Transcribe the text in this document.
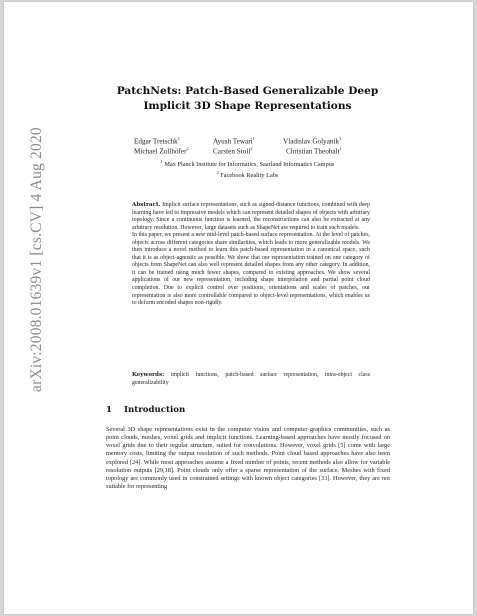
arXiv:2008.01639v1 [cs.CV] 4 Aug 2020
PatchNets: Patch-Based Generalizable Deep
Implicit 3D Shape Representations
Edgar Tretschk$^1$	Ayush Tewari$^1$	Vladislav Golyanik$^1$
Michael Zollhöfer$^2$	Carsten Stoll$^2$	Christian Theobalt$^1$
$^1$ Max Planck Institute for Informatics, Saarland Informatics Campus
$^2$ Facebook Reality Labs

Abstract. Implicit surface representations, such as signed-distance functions, combined with deep learning have led to impressive models which can represent detailed shapes of objects with arbitrary topology. Since a continuous function is learned, the reconstructions can also be extracted at any arbitrary resolution. However, large datasets such as ShapeNet are required to train such models.

In this paper, we present a new mid-level patch-based surface representation. At the level of patches, objects across different categories share similarities, which leads to more generalizable models. We then introduce a novel method to learn this patch-based representation in a canonical space, such that it is as object-agnostic as possible. We show that our representation trained on one category of objects from ShapeNet can also well represent detailed shapes from any other category. In addition, it can be trained using much fewer shapes, compared to existing approaches. We show several applications of our new representation, including shape interpolation and partial point cloud completion. Due to explicit control over positions, orientations and scales of patches, our representation is also more controllable compared to object-level representations, which enables us to deform encoded shapes non-rigidly.

Keywords: implicit functions, patch-based surface representation, intra-object class generalizability
1 Introduction

Several 3D shape representations exist in the computer vision and computer graphics communities, such as point clouds, meshes, voxel grids and implicit functions. Learning-based approaches have mostly focused on voxel grids due to their regular structure, suited for convolutions. However, voxel grids [5] come with large memory costs, limiting the output resolution of such methods. Point cloud based approaches have also been explored [24]. While most approaches assume a fixed number of points, recent methods also allow for variable resolution outputs [29,18]. Point clouds only offer a sparse representation of the surface. Meshes with fixed topology are commonly used in constrained settings with known object categories [33]. However, they are not suitable for representing
